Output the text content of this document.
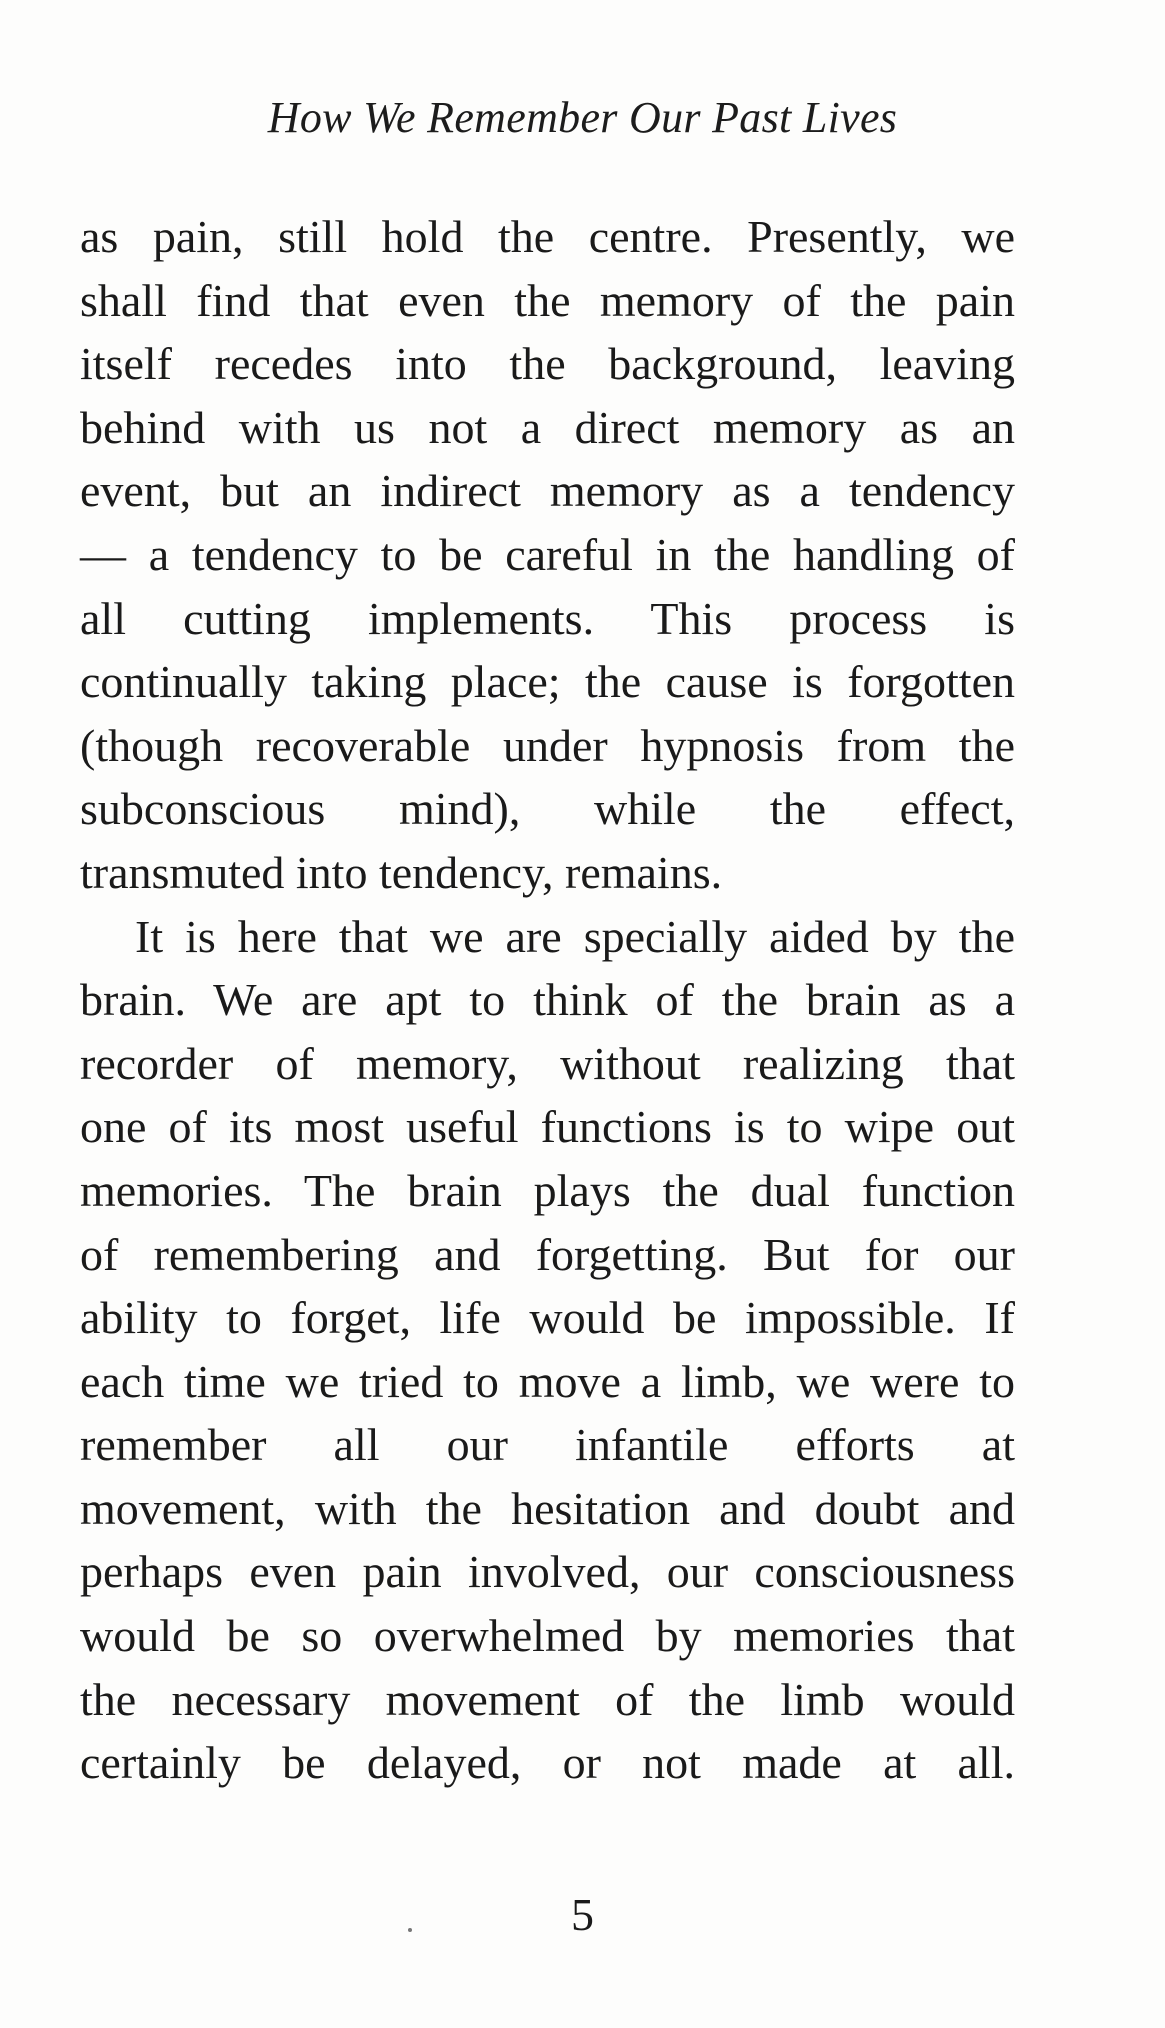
How We Remember Our Past Lives
as pain, still hold the centre. Presently, we
shall find that even the memory of the pain
itself recedes into the background, leaving
behind with us not a direct memory as an
event, but an indirect memory as a tendency
— a tendency to be careful in the handling of
all cutting implements. This process is
continually taking place; the cause is forgotten
(though recoverable under hypnosis from the
subconscious mind), while the effect,
transmuted into tendency, remains.
It is here that we are specially aided by the
brain. We are apt to think of the brain as a
recorder of memory, without realizing that
one of its most useful functions is to wipe out
memories. The brain plays the dual function
of remembering and forgetting. But for our
ability to forget, life would be impossible. If
each time we tried to move a limb, we were to
remember all our infantile efforts at
movement, with the hesitation and doubt and
perhaps even pain involved, our consciousness
would be so overwhelmed by memories that
the necessary movement of the limb would
certainly be delayed, or not made at all.
5
